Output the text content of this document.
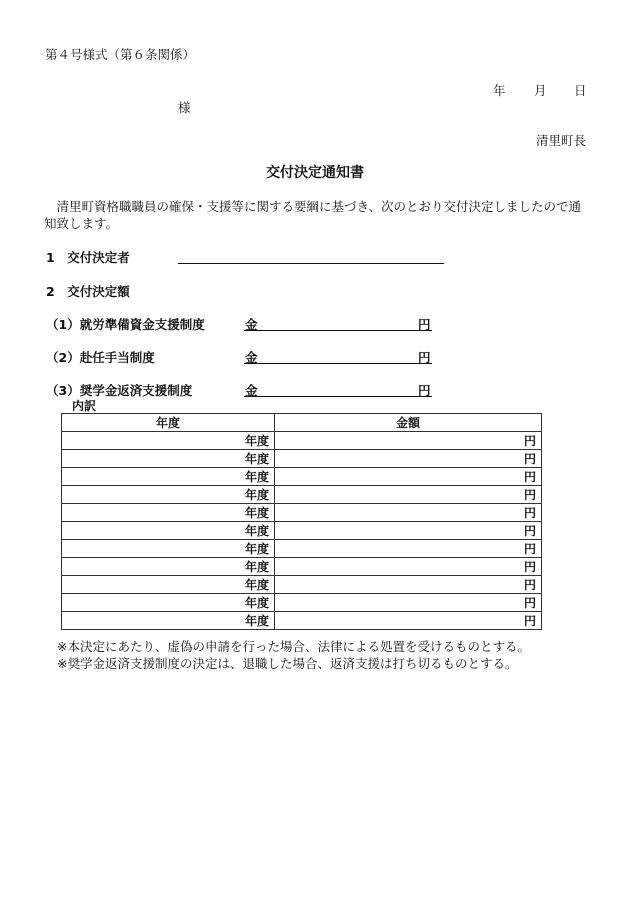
第４号様式（第６条関係）
年 月 日
様
清里町長
交付決定通知書
　清里町資格職職員の確保・支援等に関する要綱に基づき、次のとおり交付決定しましたので通知致します。
1　交付決定者
2　交付決定額
（1）就労準備資金支援制度	金	円
（2）赴任手当制度	金	円
（3）奨学金返済支援制度	金	円
内訳
年度	金額
年度	円
年度	円
年度	円
年度	円
年度	円
年度	円
年度	円
年度	円
年度	円
年度	円
年度	円
※本決定にあたり、虚偽の申請を行った場合、法律による処置を受けるものとする。
※奨学金返済支援制度の決定は、退職した場合、返済支援は打ち切るものとする。
